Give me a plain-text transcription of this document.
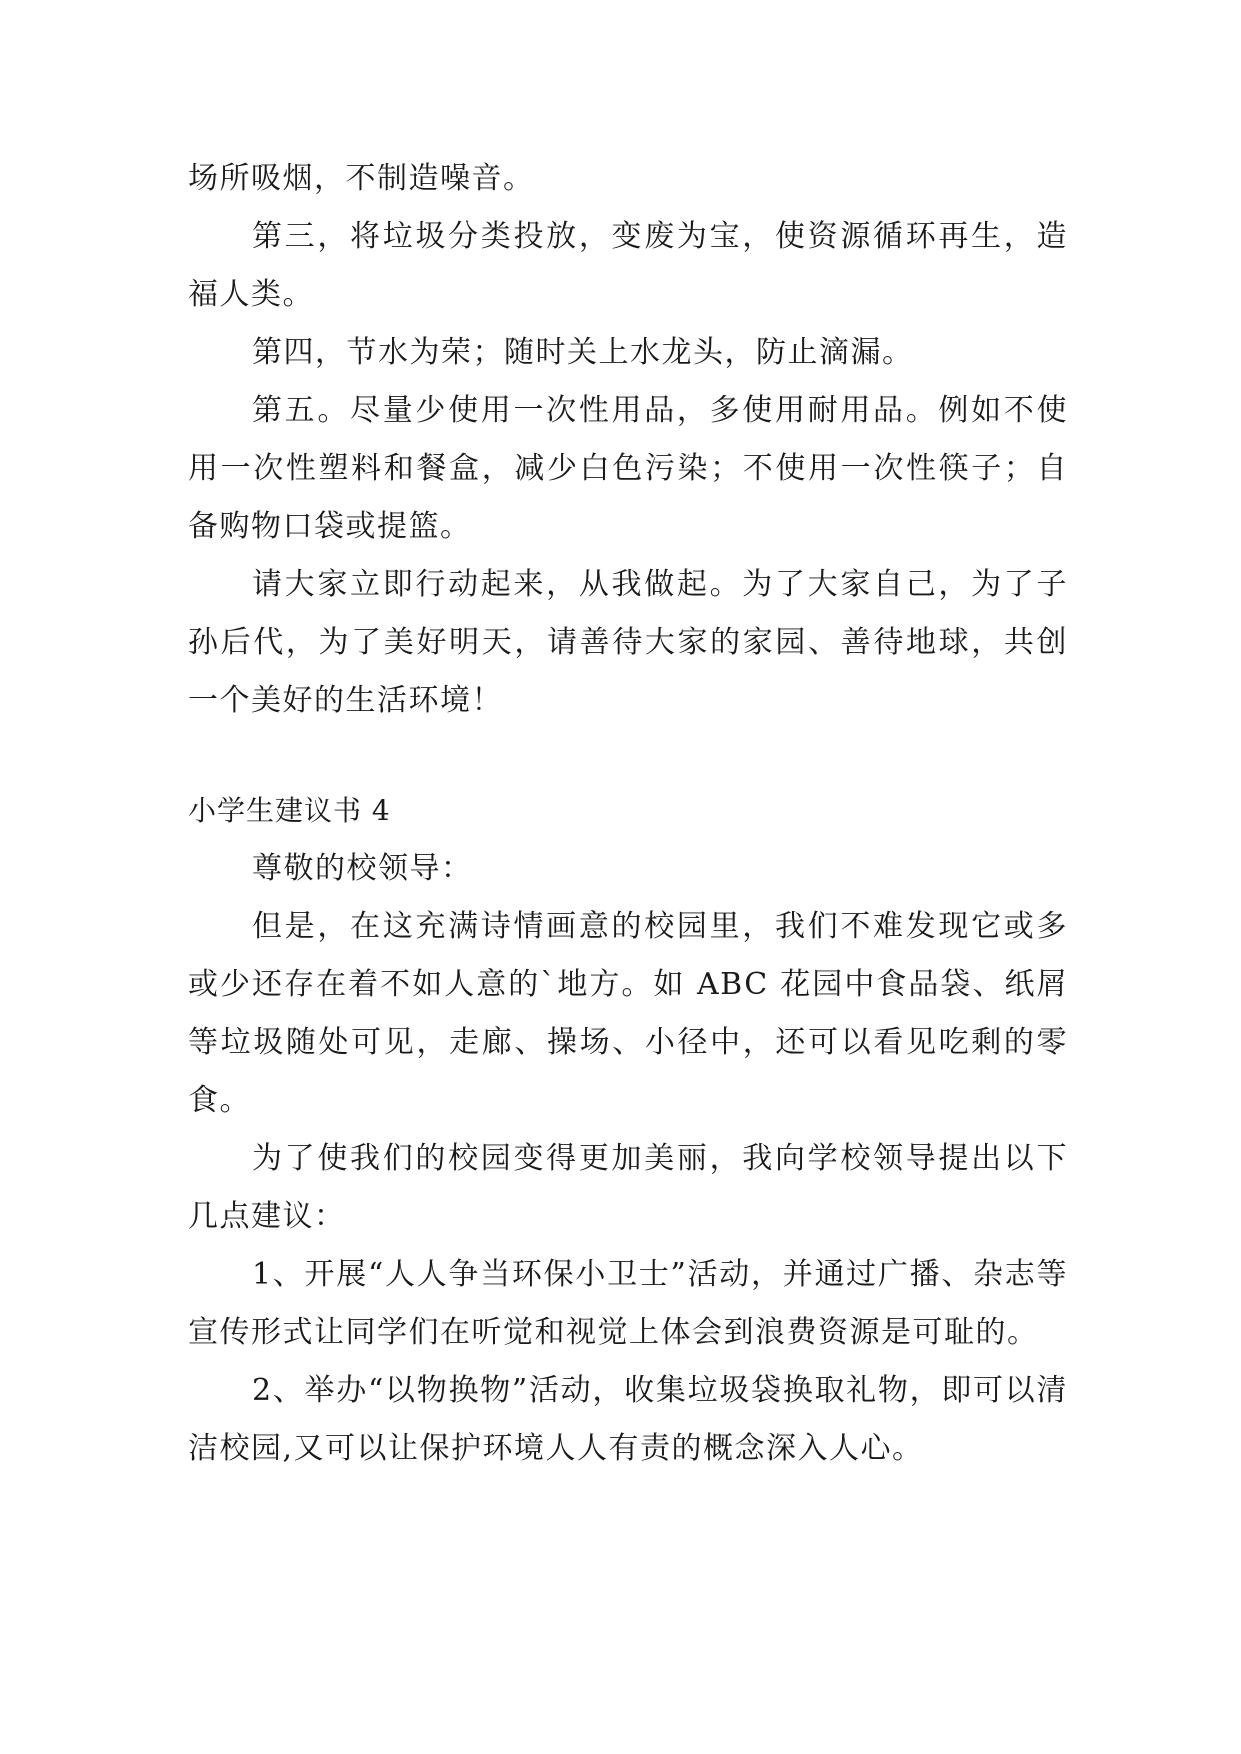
场所吸烟，不制造噪音。

第三，将垃圾分类投放，变废为宝，使资源循环再生，造福人类。

第四，节水为荣；随时关上水龙头，防止滴漏。

第五。尽量少使用一次性用品，多使用耐用品。例如不使用一次性塑料和餐盒，减少白色污染；不使用一次性筷子；自备购物口袋或提篮。

请大家立即行动起来，从我做起。为了大家自己，为了子孙后代，为了美好明天，请善待大家的家园、善待地球，共创一个美好的生活环境！

小学生建议书 4

尊敬的校领导：

但是，在这充满诗情画意的校园里，我们不难发现它或多或少还存在着不如人意的`地方。如 ABC 花园中食品袋、纸屑等垃圾随处可见，走廊、操场、小径中，还可以看见吃剩的零食。

为了使我们的校园变得更加美丽，我向学校领导提出以下几点建议：

1、开展“人人争当环保小卫士”活动，并通过广播、杂志等宣传形式让同学们在听觉和视觉上体会到浪费资源是可耻的。

2、举办“以物换物”活动，收集垃圾袋换取礼物，即可以清洁校园,又可以让保护环境人人有责的概念深入人心。
